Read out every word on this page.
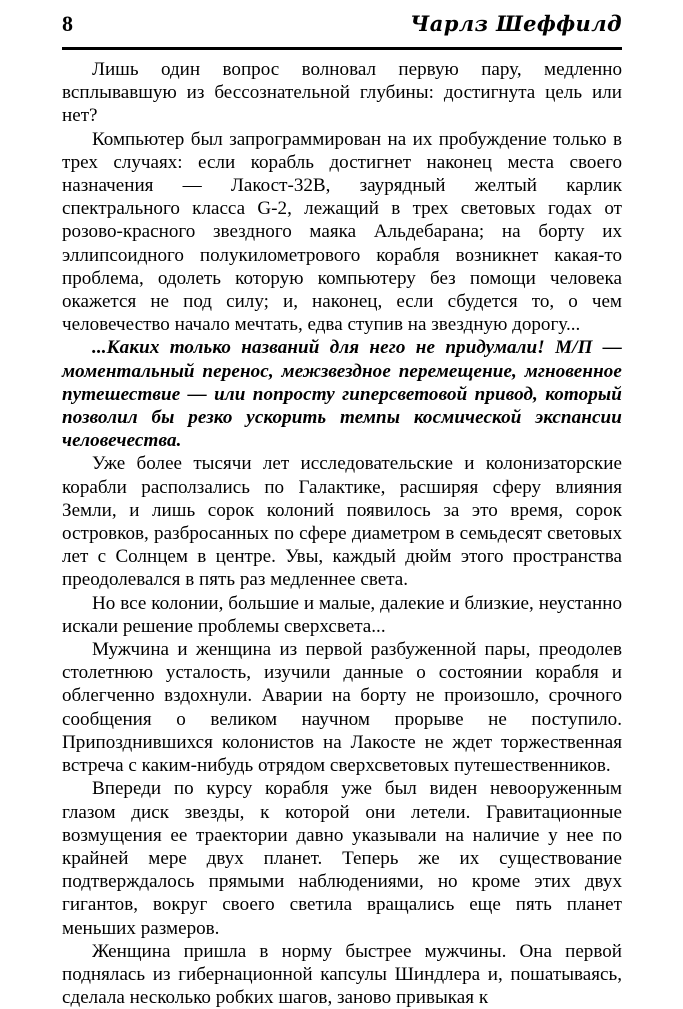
8	Чарлз Шеффилд

Лишь один вопрос волновал первую пару, медленно всплывавшую из бессознательной глубины: достигнута цель или нет?

Компьютер был запрограммирован на их пробуждение только в трех случаях: если корабль достигнет наконец места своего назначения — Лакост-32В, заурядный желтый карлик спектрального класса G-2, лежащий в трех световых годах от розово-красного звездного маяка Альдебарана; на борту их эллипсоидного полукилометрового корабля возникнет какая-то проблема, одолеть которую компьютеру без помощи человека окажется не под силу; и, наконец, если сбудется то, о чем человечество начало мечтать, едва ступив на звездную дорогу...

...Каких только названий для него не придумали! М/П — моментальный перенос, межзвездное перемещение, мгновенное путешествие — или попросту гиперсветовой привод, который позволил бы резко ускорить темпы космической экспансии человечества.

Уже более тысячи лет исследовательские и колонизаторские корабли расползались по Галактике, расширяя сферу влияния Земли, и лишь сорок колоний появилось за это время, сорок островков, разбросанных по сфере диаметром в семьдесят световых лет с Солнцем в центре. Увы, каждый дюйм этого пространства преодолевался в пять раз медленнее света.

Но все колонии, большие и малые, далекие и близкие, неустанно искали решение проблемы сверхсвета...

Мужчина и женщина из первой разбуженной пары, преодолев столетнюю усталость, изучили данные о состоянии корабля и облегченно вздохнули. Аварии на борту не произошло, срочного сообщения о великом научном прорыве не поступило. Припозднившихся колонистов на Лакосте не ждет торжественная встреча с каким-нибудь отрядом сверхсветовых путешественников.

Впереди по курсу корабля уже был виден невооруженным глазом диск звезды, к которой они летели. Гравитационные возмущения ее траектории давно указывали на наличие у нее по крайней мере двух планет. Теперь же их существование подтверждалось прямыми наблюдениями, но кроме этих двух гигантов, вокруг своего светила вращались еще пять планет меньших размеров.

Женщина пришла в норму быстрее мужчины. Она первой поднялась из гибернационной капсулы Шиндлера и, пошатываясь, сделала несколько робких шагов, заново привыкая к
